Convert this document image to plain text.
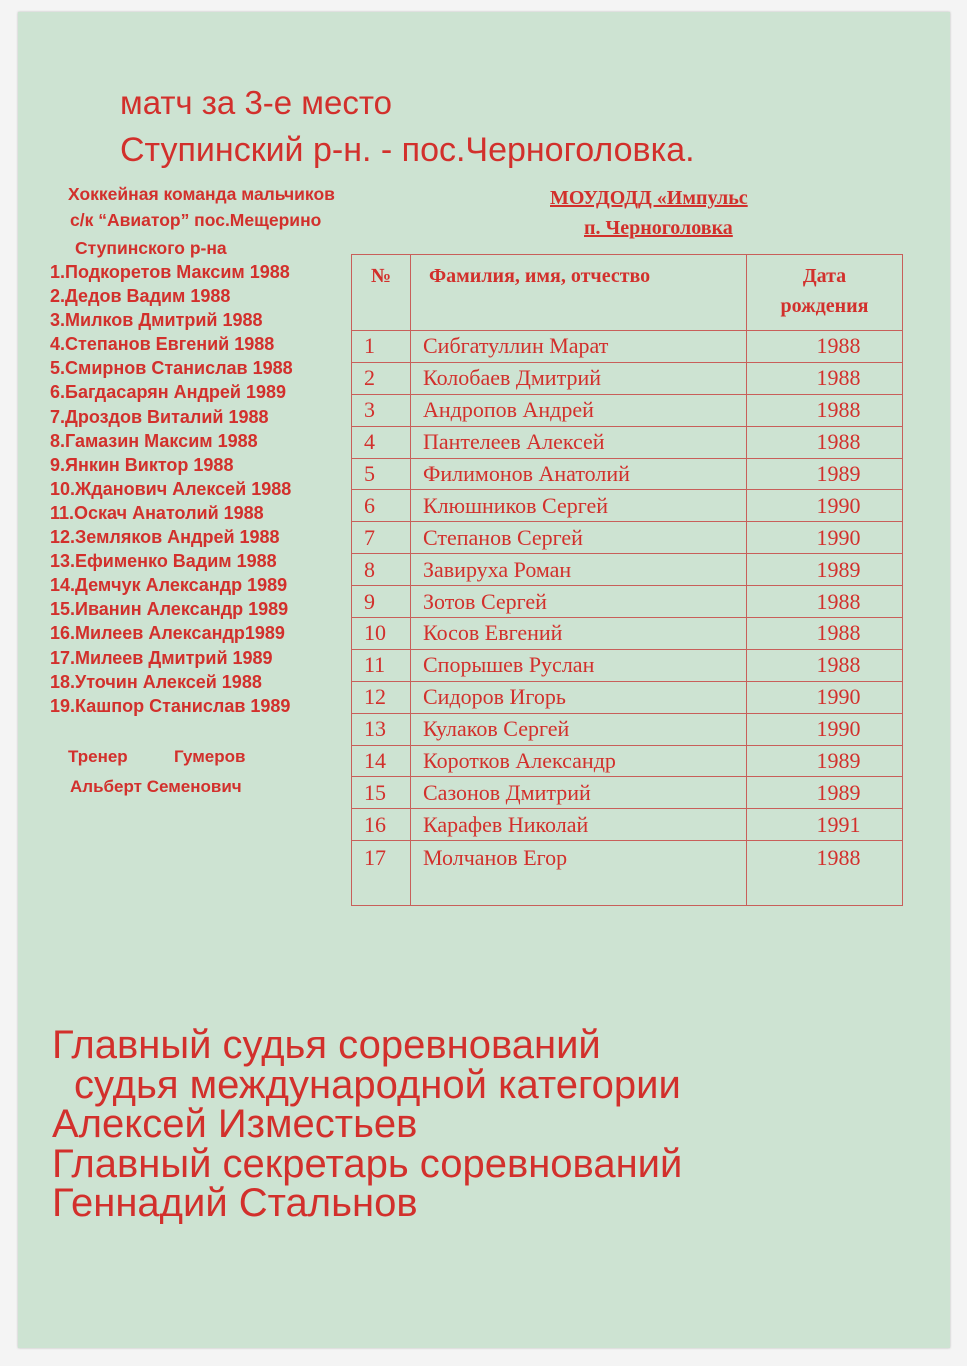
матч за 3-е место
Ступинский р-н. - пос.Черноголовка.
Хоккейная команда мальчиков
с/к “Авиатор” пос.Мещерино
Ступинского р-на
1.Подкоретов Максим 1988
2.Дедов Вадим 1988
3.Милков Дмитрий 1988
4.Степанов Евгений 1988
5.Смирнов Станислав 1988
6.Багдасарян Андрей 1989
7.Дроздов Виталий 1988
8.Гамазин Максим 1988
9.Янкин Виктор 1988
10.Жданович Алексей 1988
11.Оскач Анатолий 1988
12.Земляков Андрей 1988
13.Ефименко Вадим 1988
14.Демчук Александр 1989
15.Иванин Александр 1989
16.Милеев Александр1989
17.Милеев Дмитрий 1989
18.Уточин Алексей 1988
19.Кашпор Станислав 1989
Тренер	Гумеров
Альберт Семенович
МОУДОДД «Импульс
п. Черноголовка
№	Фамилия, имя, отчество	Дата
рождения
1	Сибгатуллин Марат	1988
2	Колобаев Дмитрий	1988
3	Андропов Андрей	1988
4	Пантелеев Алексей	1988
5	Филимонов Анатолий	1989
6	Клюшников Сергей	1990
7	Степанов Сергей	1990
8	Завируха Роман	1989
9	Зотов Сергей	1988
10	Косов Евгений	1988
11	Спорышев Руслан	1988
12	Сидоров Игорь	1990
13	Кулаков Сергей	1990
14	Коротков Александр	1989
15	Сазонов Дмитрий	1989
16	Карафев Николай	1991
17	Молчанов Егор	1988
Главный судья соревнований
судья международной категории
Алексей Изместьев
Главный секретарь соревнований
Геннадий Стальнов
